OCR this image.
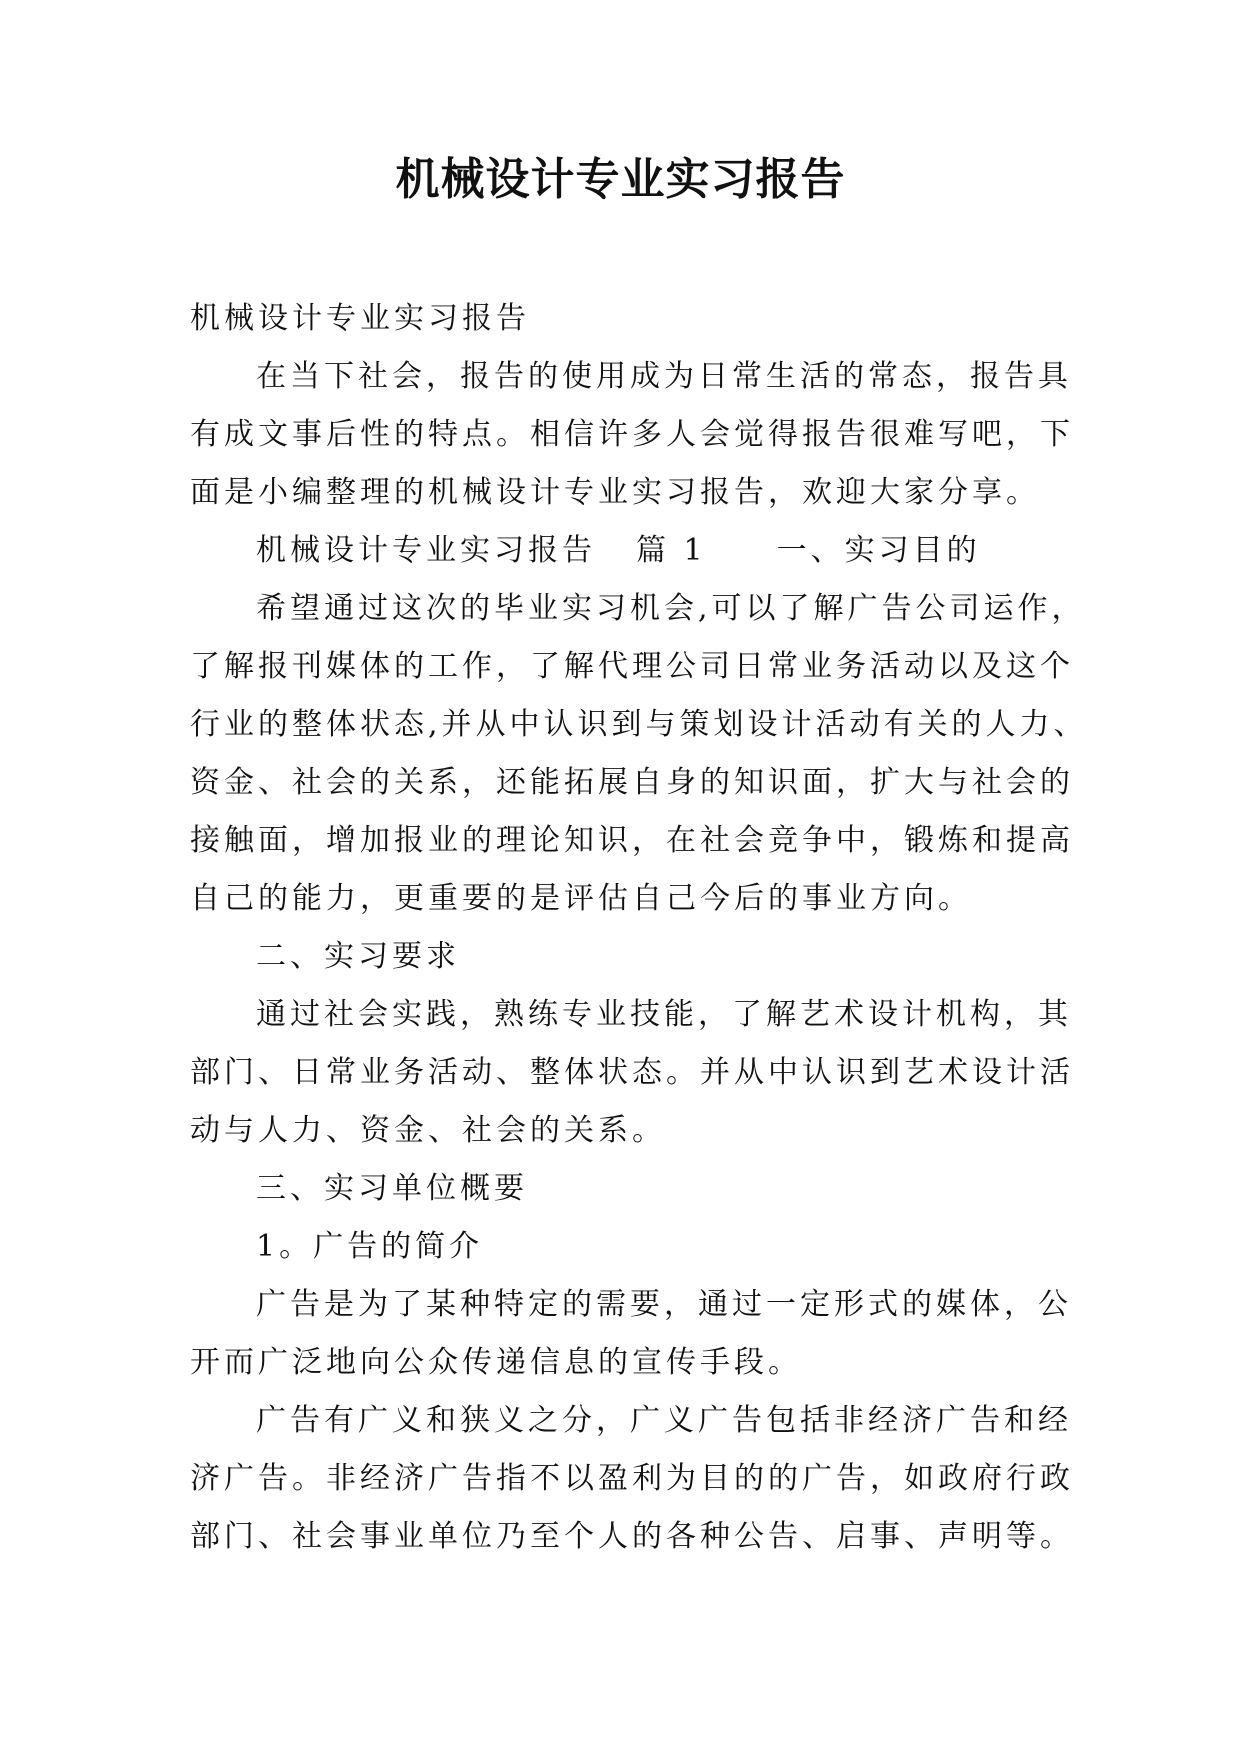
机械设计专业实习报告
机械设计专业实习报告
在当下社会，报告的使用成为日常生活的常态，报告具
有成文事后性的特点。相信许多人会觉得报告很难写吧，下
面是小编整理的机械设计专业实习报告，欢迎大家分享。
机械设计专业实习报告 篇 1 一、实习目的
希望通过这次的毕业实习机会,可以了解广告公司运作，
了解报刊媒体的工作，了解代理公司日常业务活动以及这个
行业的整体状态,并从中认识到与策划设计活动有关的人力、
资金、社会的关系，还能拓展自身的知识面，扩大与社会的
接触面，增加报业的理论知识，在社会竞争中，锻炼和提高
自己的能力，更重要的是评估自己今后的事业方向。
二、实习要求
通过社会实践，熟练专业技能，了解艺术设计机构，其
部门、日常业务活动、整体状态。并从中认识到艺术设计活
动与人力、资金、社会的关系。
三、实习单位概要
1。广告的简介
广告是为了某种特定的需要，通过一定形式的媒体，公
开而广泛地向公众传递信息的宣传手段。
广告有广义和狭义之分，广义广告包括非经济广告和经
济广告。非经济广告指不以盈利为目的的广告，如政府行政
部门、社会事业单位乃至个人的各种公告、启事、声明等。
